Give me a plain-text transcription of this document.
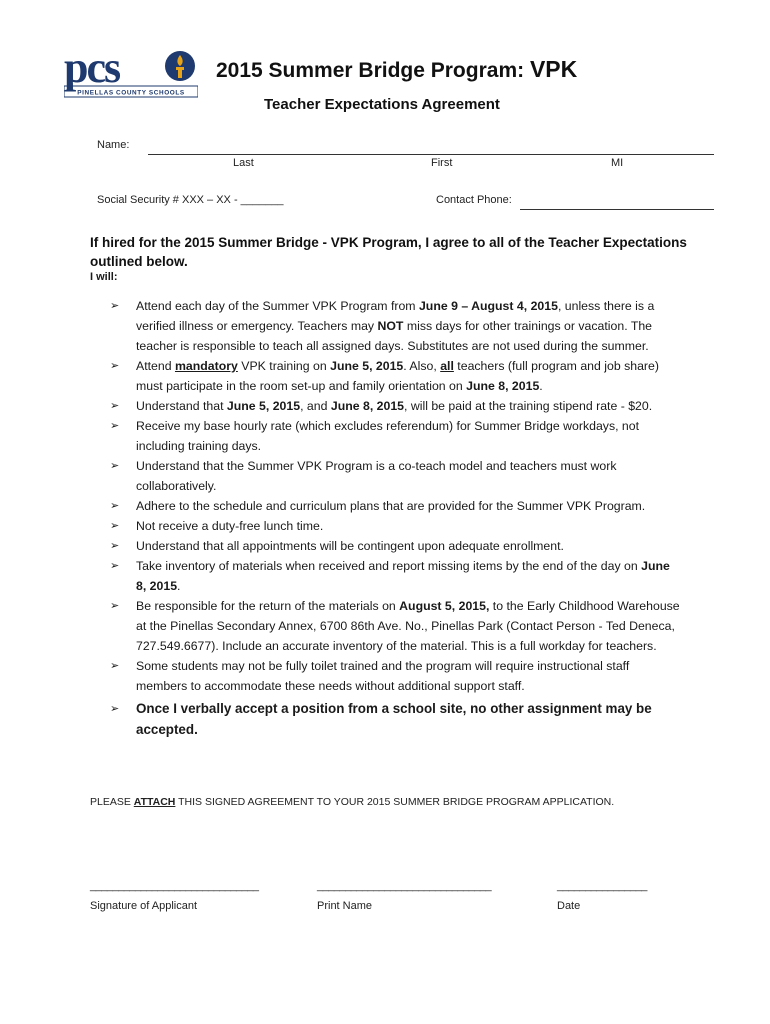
pcs
PINELLAS COUNTY SCHOOLS
2015 Summer Bridge Program: VPK
Teacher Expectations Agreement
Name:
Last	First	MI
Social Security # XXX – XX - _______	Contact Phone:
If hired for the 2015 Summer Bridge - VPK Program, I agree to all of the Teacher Expectations outlined below.
I will:
➢	Attend each day of the Summer VPK Program from June 9 – August 4, 2015, unless there is a verified illness or emergency. Teachers may NOT miss days for other trainings or vacation. The teacher is responsible to teach all assigned days. Substitutes are not used during the summer.
➢	Attend mandatory VPK training on June 5, 2015. Also, all teachers (full program and job share) must participate in the room set-up and family orientation on June 8, 2015.
➢	Understand that June 5, 2015, and June 8, 2015, will be paid at the training stipend rate - $20.
➢	Receive my base hourly rate (which excludes referendum) for Summer Bridge workdays, not including training days.
➢	Understand that the Summer VPK Program is a co-teach model and teachers must work collaboratively.
➢	Adhere to the schedule and curriculum plans that are provided for the Summer VPK Program.
➢	Not receive a duty-free lunch time.
➢	Understand that all appointments will be contingent upon adequate enrollment.
➢	Take inventory of materials when received and report missing items by the end of the day on June 8, 2015.
➢	Be responsible for the return of the materials on August 5, 2015, to the Early Childhood Warehouse at the Pinellas Secondary Annex, 6700 86th Ave. No., Pinellas Park (Contact Person - Ted Deneca, 727.549.6677). Include an accurate inventory of the material. This is a full workday for teachers.
➢	Some students may not be fully toilet trained and the program will require instructional staff members to accommodate these needs without additional support staff.
➢	Once I verbally accept a position from a school site, no other assignment may be accepted.
PLEASE ATTACH THIS SIGNED AGREEMENT TO YOUR 2015 SUMMER BRIDGE PROGRAM APPLICATION.
______________________________	_______________________________	________________
Signature of Applicant	Print Name	Date
